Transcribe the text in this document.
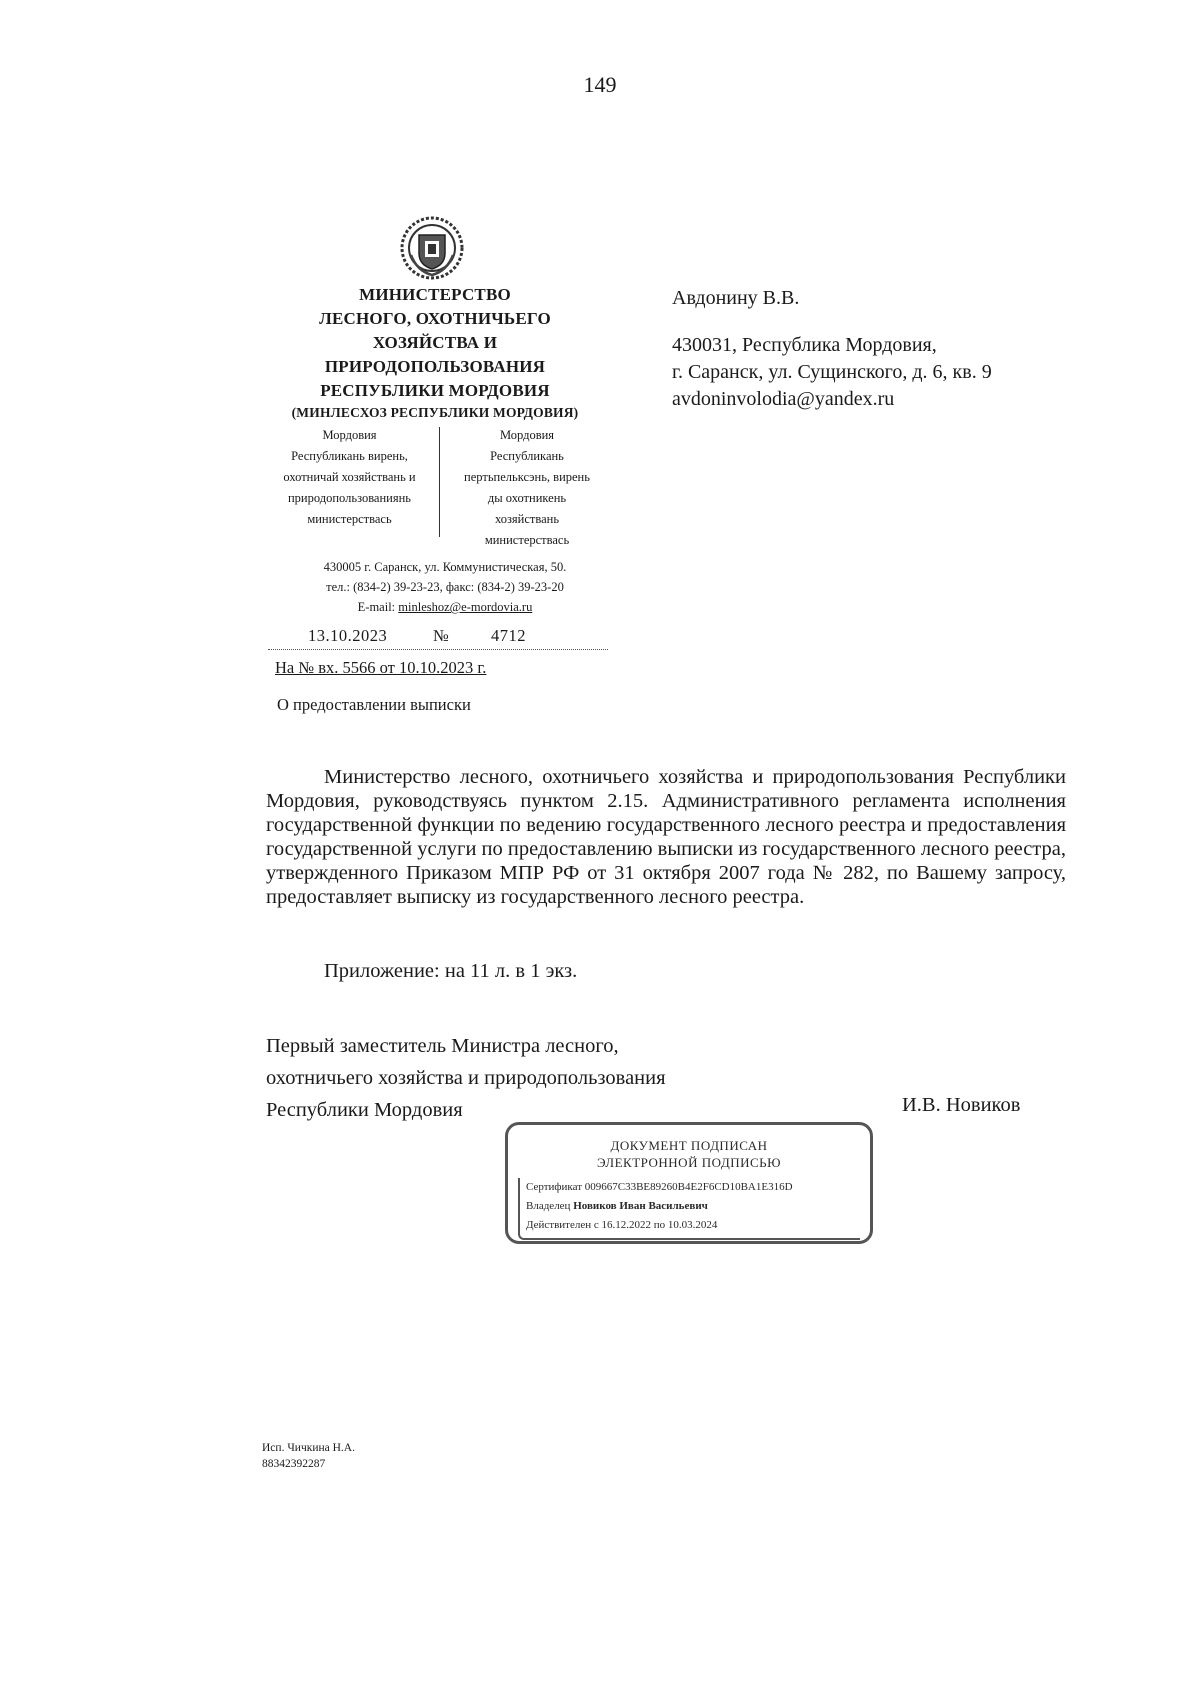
149
МИНИСТЕРСТВО
ЛЕСНОГО, ОХОТНИЧЬЕГО
ХОЗЯЙСТВА И
ПРИРОДОПОЛЬЗОВАНИЯ
РЕСПУБЛИКИ МОРДОВИЯ
(МИНЛЕСХОЗ РЕСПУБЛИКИ МОРДОВИЯ)
Мордовия
Республикань вирень,
охотничай хозяйствань и
природопользованиянь
министерствась
Мордовия
Республикань
пертьпельксэнь, вирень
ды охотникень
хозяйствань
министерствась
430005 г. Саранск, ул. Коммунистическая, 50.
тел.: (834-2) 39-23-23, факс: (834-2) 39-23-20
E-mail: minleshoz@e-mordovia.ru
13.10.2023	№	4712
На № вх. 5566 от 10.10.2023 г.
О предоставлении выписки
Авдонину В.В.
430031, Республика Мордовия,
г. Саранск, ул. Сущинского, д. 6, кв. 9
avdoninvolodia@yandex.ru
Министерство лесного, охотничьего хозяйства и природопользования Республики Мордовия, руководствуясь пунктом 2.15. Административного регламента исполнения государственной функции по ведению государственного лесного реестра и предоставления государственной услуги по предоставлению выписки из государственного лесного реестра, утвержденного Приказом МПР РФ от 31 октября 2007 года № 282, по Вашему запросу, предоставляет выписку из государственного лесного реестра.
Приложение: на 11 л. в 1 экз.
Первый заместитель Министра лесного,
охотничьего хозяйства и природопользования
Республики Мордовия	И.В. Новиков
ДОКУМЕНТ ПОДПИСАН
ЭЛЕКТРОННОЙ ПОДПИСЬЮ
Сертификат 009667C33BE89260B4E2F6CD10BA1E316D
Владелец Новиков Иван Васильевич
Действителен с 16.12.2022 по 10.03.2024
Исп. Чичкина Н.А.
88342392287
